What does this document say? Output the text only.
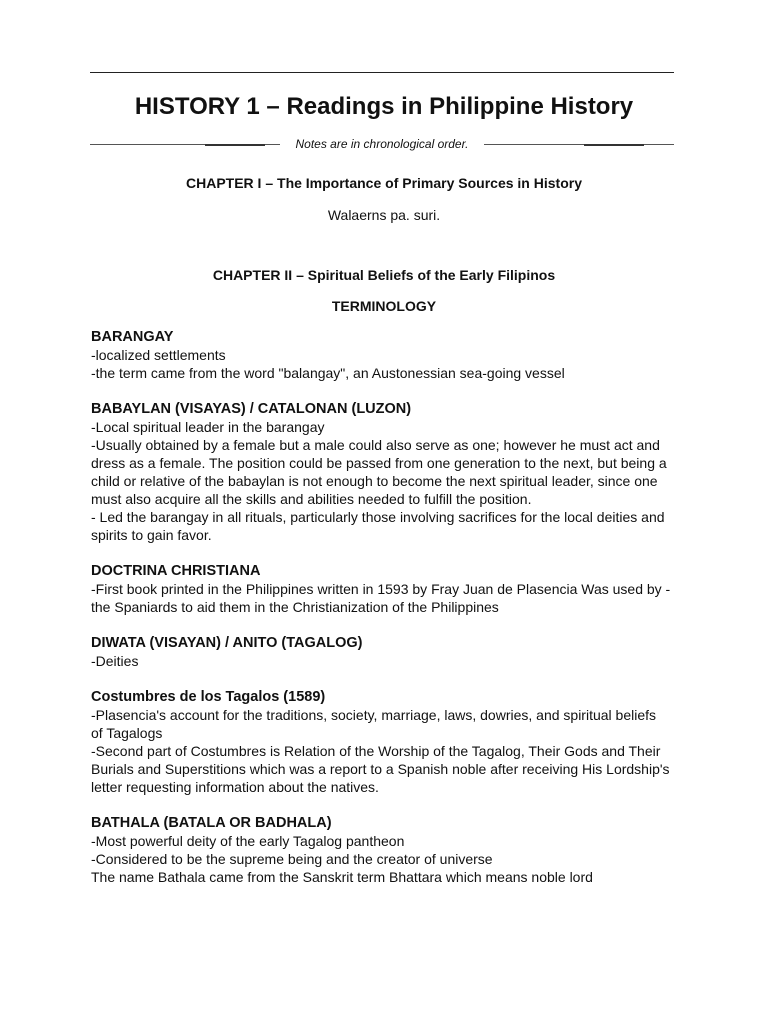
HISTORY 1 – Readings in Philippine History
Notes are in chronological order.
CHAPTER I – The Importance of Primary Sources in History
Walaerns pa. suri.
CHAPTER II – Spiritual Beliefs of the Early Filipinos
TERMINOLOGY
BARANGAY
-localized settlements
-the term came from the word "balangay", an Austonessian sea-going vessel
BABAYLAN (VISAYAS) / CATALONAN (LUZON)
-Local spiritual leader in the barangay
-Usually obtained by a female but a male could also serve as one; however he must act and dress as a female. The position could be passed from one generation to the next, but being a child or relative of the babaylan is not enough to become the next spiritual leader, since one must also acquire all the skills and abilities needed to fulfill the position.
- Led the barangay in all rituals, particularly those involving sacrifices for the local deities and spirits to gain favor.
DOCTRINA CHRISTIANA
-First book printed in the Philippines written in 1593 by Fray Juan de Plasencia Was used by -the Spaniards to aid them in the Christianization of the Philippines
DIWATA (VISAYAN) / ANITO (TAGALOG)
-Deities
Costumbres de los Tagalos (1589)
-Plasencia's account for the traditions, society, marriage, laws, dowries, and spiritual beliefs of Tagalogs
-Second part of Costumbres is Relation of the Worship of the Tagalog, Their Gods and Their Burials and Superstitions which was a report to a Spanish noble after receiving His Lordship's letter requesting information about the natives.
BATHALA (BATALA OR BADHALA)
-Most powerful deity of the early Tagalog pantheon
-Considered to be the supreme being and the creator of universe
The name Bathala came from the Sanskrit term Bhattara which means noble lord
